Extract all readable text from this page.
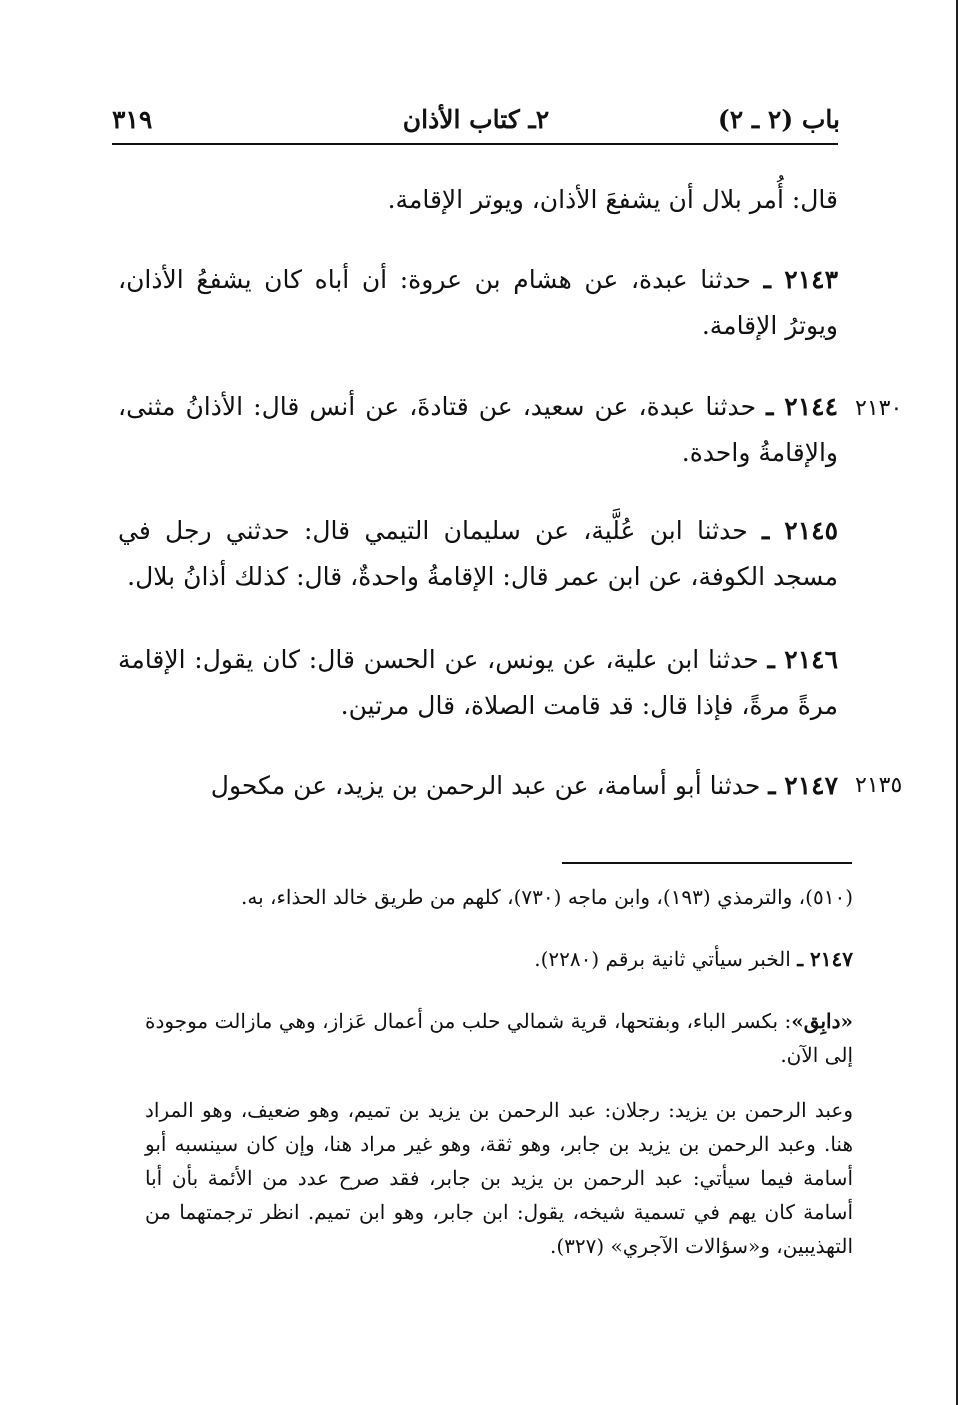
باب (٢ ـ ٢)
٢ـ كتاب الأذان
٣١٩

قال: أُمر بلال أن يشفعَ الأذان، ويوتر الإقامة.

٢١٤٣ ـ حدثنا عبدة، عن هشام بن عروة: أن أباه كان يشفعُ الأذان، ويوترُ الإقامة.

٢١٤٤ ـ حدثنا عبدة، عن سعيد، عن قتادةَ، عن أنس قال: الأذانُ مثنى، والإقامةُ واحدة.

٢١٣٠

٢١٤٥ ـ حدثنا ابن عُلَّية، عن سليمان التيمي قال: حدثني رجل في مسجد الكوفة، عن ابن عمر قال: الإقامةُ واحدةٌ، قال: كذلك أذانُ بلال.

٢١٤٦ ـ حدثنا ابن علية، عن يونس، عن الحسن قال: كان يقول: الإقامة مرةً مرةً، فإذا قال: قد قامت الصلاة، قال مرتين.

٢١٤٧ ـ حدثنا أبو أسامة، عن عبد الرحمن بن يزيد، عن مكحول	٢١٣٥

(٥١٠)، والترمذي (١٩٣)، وابن ماجه (٧٣٠)، كلهم من طريق خالد الحذاء، به.

٢١٤٧ ـ الخبر سيأتي ثانية برقم (٢٢٨٠).

«دابِق»: بكسر الباء، وبفتحها، قرية شمالي حلب من أعمال عَزاز، وهي مازالت موجودة إلى الآن.

وعبد الرحمن بن يزيد: رجلان: عبد الرحمن بن يزيد بن تميم، وهو ضعيف، وهو المراد هنا. وعبد الرحمن بن يزيد بن جابر، وهو ثقة، وهو غير مراد هنا، وإن كان سينسبه أبو أسامة فيما سيأتي: عبد الرحمن بن يزيد بن جابر، فقد صرح عدد من الأئمة بأن أبا أسامة كان يهم في تسمية شيخه، يقول: ابن جابر، وهو ابن تميم. انظر ترجمتهما من التهذيبين، و«سؤالات الآجري» (٣٢٧).
